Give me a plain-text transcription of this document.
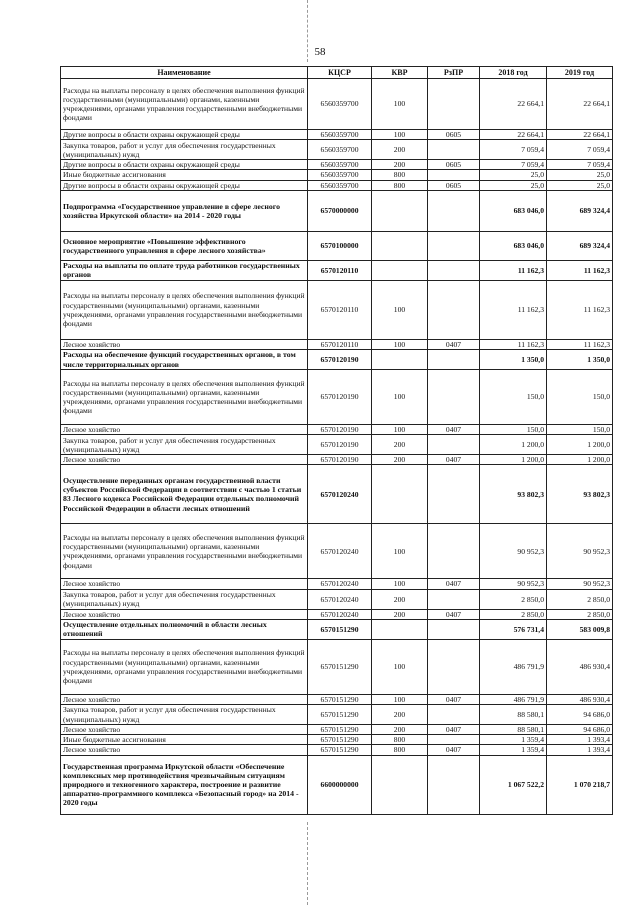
58
Наименование	КЦСР	КВР	РзПР	2018 год	2019 год
Расходы на выплаты персоналу в целях обеспечения выполнения функций государственными (муниципальными) органами, казенными учреждениями, органами управления государственными внебюджетными фондами	6560359700	100		22 664,1	22 664,1
Другие вопросы в области охраны окружающей среды	6560359700	100	0605	22 664,1	22 664,1
Закупка товаров, работ и услуг для обеспечения государственных (муниципальных) нужд	6560359700	200		7 059,4	7 059,4
Другие вопросы в области охраны окружающей среды	6560359700	200	0605	7 059,4	7 059,4
Иные бюджетные ассигнования	6560359700	800		25,0	25,0
Другие вопросы в области охраны окружающей среды	6560359700	800	0605	25,0	25,0
Подпрограмма «Государственное управление в сфере лесного хозяйства Иркутской области» на 2014 - 2020 годы	6570000000			683 046,0	689 324,4
Основное мероприятие «Повышение эффективного государственного управления в сфере лесного хозяйства»	6570100000			683 046,0	689 324,4
Расходы на выплаты по оплате труда работников государственных органов	6570120110			11 162,3	11 162,3
Расходы на выплаты персоналу в целях обеспечения выполнения функций государственными (муниципальными) органами, казенными учреждениями, органами управления государственными внебюджетными фондами	6570120110	100		11 162,3	11 162,3
Лесное хозяйство	6570120110	100	0407	11 162,3	11 162,3
Расходы на обеспечение функций государственных органов, в том числе территориальных органов	6570120190			1 350,0	1 350,0
Расходы на выплаты персоналу в целях обеспечения выполнения функций государственными (муниципальными) органами, казенными учреждениями, органами управления государственными внебюджетными фондами	6570120190	100		150,0	150,0
Лесное хозяйство	6570120190	100	0407	150,0	150,0
Закупка товаров, работ и услуг для обеспечения государственных (муниципальных) нужд	6570120190	200		1 200,0	1 200,0
Лесное хозяйство	6570120190	200	0407	1 200,0	1 200,0
Осуществление переданных органам государственной власти субъектов Российской Федерации в соответствии с частью 1 статьи 83 Лесного кодекса Российской Федерации отдельных полномочий Российской Федерации в области лесных отношений	6570120240			93 802,3	93 802,3
Расходы на выплаты персоналу в целях обеспечения выполнения функций государственными (муниципальными) органами, казенными учреждениями, органами управления государственными внебюджетными фондами	6570120240	100		90 952,3	90 952,3
Лесное хозяйство	6570120240	100	0407	90 952,3	90 952,3
Закупка товаров, работ и услуг для обеспечения государственных (муниципальных) нужд	6570120240	200		2 850,0	2 850,0
Лесное хозяйство	6570120240	200	0407	2 850,0	2 850,0
Осуществление отдельных полномочий в области лесных отношений	6570151290			576 731,4	583 009,8
Расходы на выплаты персоналу в целях обеспечения выполнения функций государственными (муниципальными) органами, казенными учреждениями, органами управления государственными внебюджетными фондами	6570151290	100		486 791,9	486 930,4
Лесное хозяйство	6570151290	100	0407	486 791,9	486 930,4
Закупка товаров, работ и услуг для обеспечения государственных (муниципальных) нужд	6570151290	200		88 580,1	94 686,0
Лесное хозяйство	6570151290	200	0407	88 580,1	94 686,0
Иные бюджетные ассигнования	6570151290	800		1 359,4	1 393,4
Лесное хозяйство	6570151290	800	0407	1 359,4	1 393,4
Государственная программа Иркутской области «Обеспечение комплексных мер противодействия чрезвычайным ситуациям природного и техногенного характера, построение и развитие аппаратно-программного комплекса «Безопасный город» на 2014 - 2020 годы	6600000000			1 067 522,2	1 070 218,7
